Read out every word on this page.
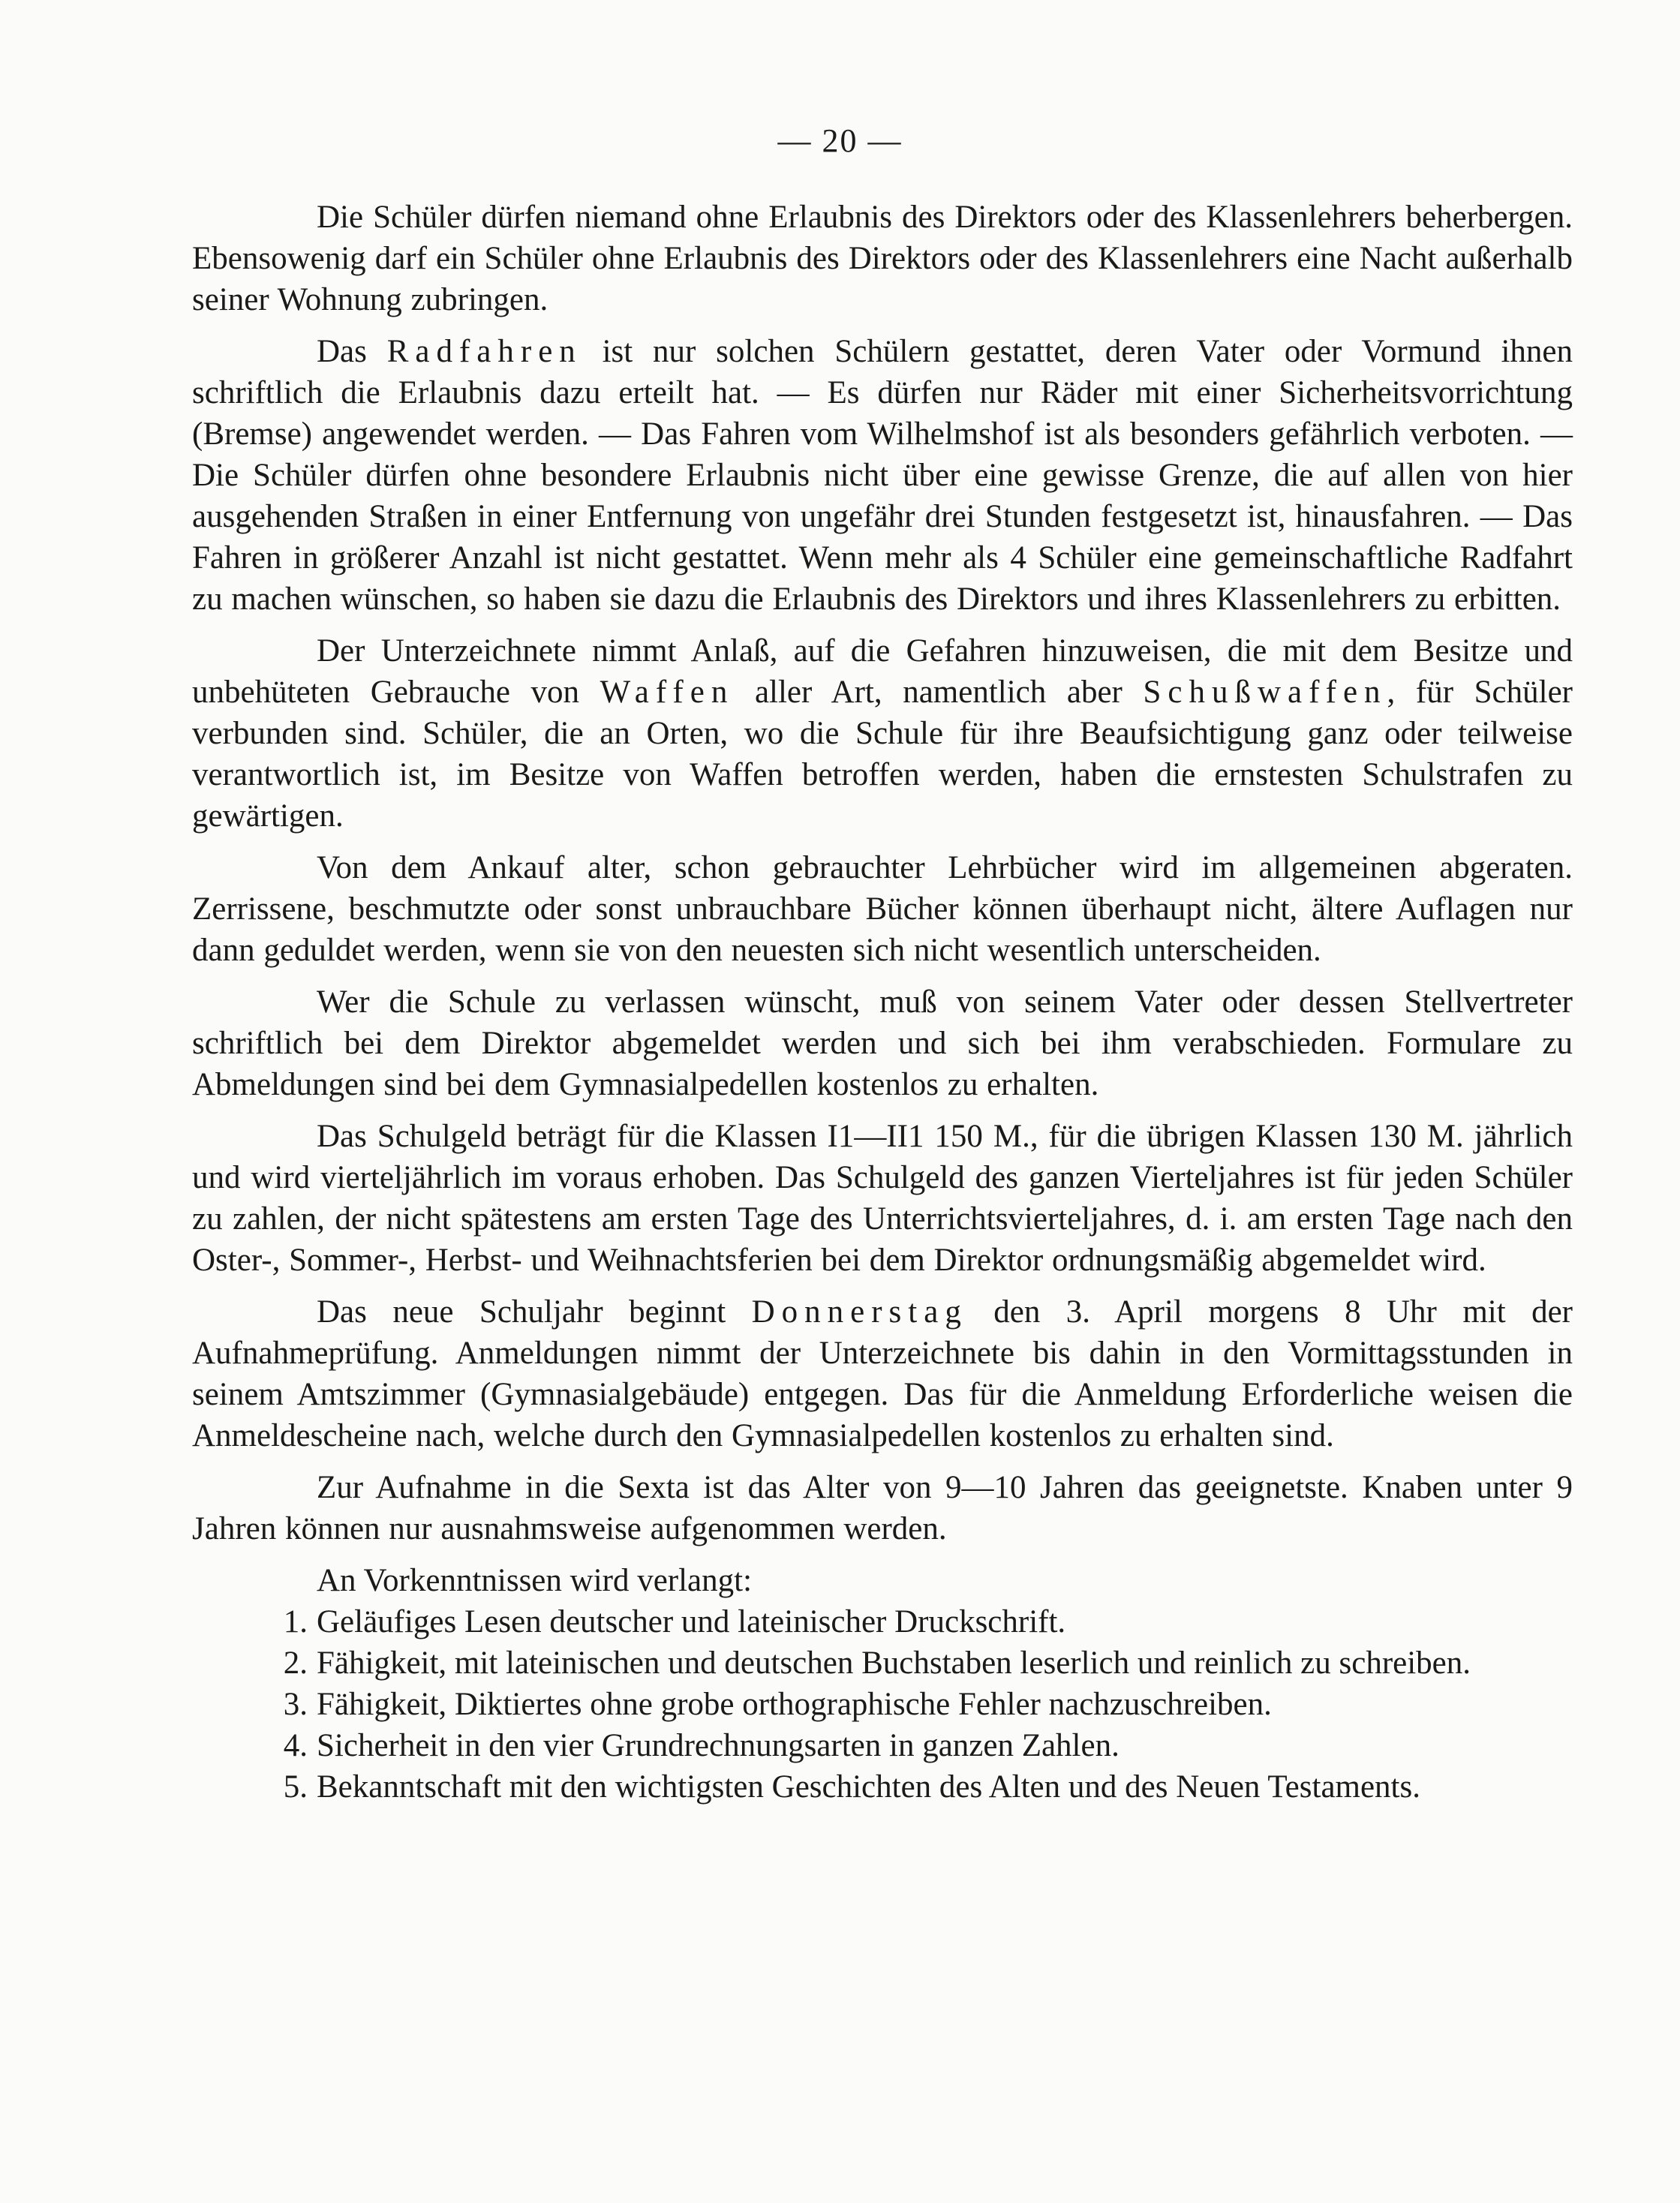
— 20 —

Die Schüler dürfen niemand ohne Erlaubnis des Direktors oder des Klassenlehrers beherbergen. Ebensowenig darf ein Schüler ohne Erlaubnis des Direktors oder des Klassenlehrers eine Nacht außerhalb seiner Wohnung zubringen.

Das Radfahren ist nur solchen Schülern gestattet, deren Vater oder Vormund ihnen schriftlich die Erlaubnis dazu erteilt hat. — Es dürfen nur Räder mit einer Sicherheitsvorrichtung (Bremse) angewendet werden. — Das Fahren vom Wilhelmshof ist als besonders gefährlich verboten. — Die Schüler dürfen ohne besondere Erlaubnis nicht über eine gewisse Grenze, die auf allen von hier ausgehenden Straßen in einer Entfernung von ungefähr drei Stunden festgesetzt ist, hinausfahren. — Das Fahren in größerer Anzahl ist nicht gestattet. Wenn mehr als 4 Schüler eine gemeinschaftliche Radfahrt zu machen wünschen, so haben sie dazu die Erlaubnis des Direktors und ihres Klassenlehrers zu erbitten.

Der Unterzeichnete nimmt Anlaß, auf die Gefahren hinzuweisen, die mit dem Besitze und unbehüteten Gebrauche von Waffen aller Art, namentlich aber Schußwaffen, für Schüler verbunden sind. Schüler, die an Orten, wo die Schule für ihre Beaufsichtigung ganz oder teilweise verantwortlich ist, im Besitze von Waffen betroffen werden, haben die ernstesten Schulstrafen zu gewärtigen.

Von dem Ankauf alter, schon gebrauchter Lehrbücher wird im allgemeinen abgeraten. Zerrissene, beschmutzte oder sonst unbrauchbare Bücher können überhaupt nicht, ältere Auflagen nur dann geduldet werden, wenn sie von den neuesten sich nicht wesentlich unterscheiden.

Wer die Schule zu verlassen wünscht, muß von seinem Vater oder dessen Stellvertreter schriftlich bei dem Direktor abgemeldet werden und sich bei ihm verabschieden. Formulare zu Abmeldungen sind bei dem Gymnasialpedellen kostenlos zu erhalten.

Das Schulgeld beträgt für die Klassen I1—II1 150 M., für die übrigen Klassen 130 M. jährlich und wird vierteljährlich im voraus erhoben. Das Schulgeld des ganzen Vierteljahres ist für jeden Schüler zu zahlen, der nicht spätestens am ersten Tage des Unterrichtsvierteljahres, d. i. am ersten Tage nach den Oster-, Sommer-, Herbst- und Weihnachtsferien bei dem Direktor ordnungsmäßig abgemeldet wird.

Das neue Schuljahr beginnt Donnerstag den 3. April morgens 8 Uhr mit der Aufnahmeprüfung. Anmeldungen nimmt der Unterzeichnete bis dahin in den Vormittagsstunden in seinem Amtszimmer (Gymnasialgebäude) entgegen. Das für die Anmeldung Erforderliche weisen die Anmeldescheine nach, welche durch den Gymnasialpedellen kostenlos zu erhalten sind.

Zur Aufnahme in die Sexta ist das Alter von 9—10 Jahren das geeignetste. Knaben unter 9 Jahren können nur ausnahmsweise aufgenommen werden.

An Vorkenntnissen wird verlangt:

1. Geläufiges Lesen deutscher und lateinischer Druckschrift.
2. Fähigkeit, mit lateinischen und deutschen Buchstaben leserlich und reinlich zu schreiben.
3. Fähigkeit, Diktiertes ohne grobe orthographische Fehler nachzuschreiben.
4. Sicherheit in den vier Grundrechnungsarten in ganzen Zahlen.
5. Bekanntschaft mit den wichtigsten Geschichten des Alten und des Neuen Testaments.
